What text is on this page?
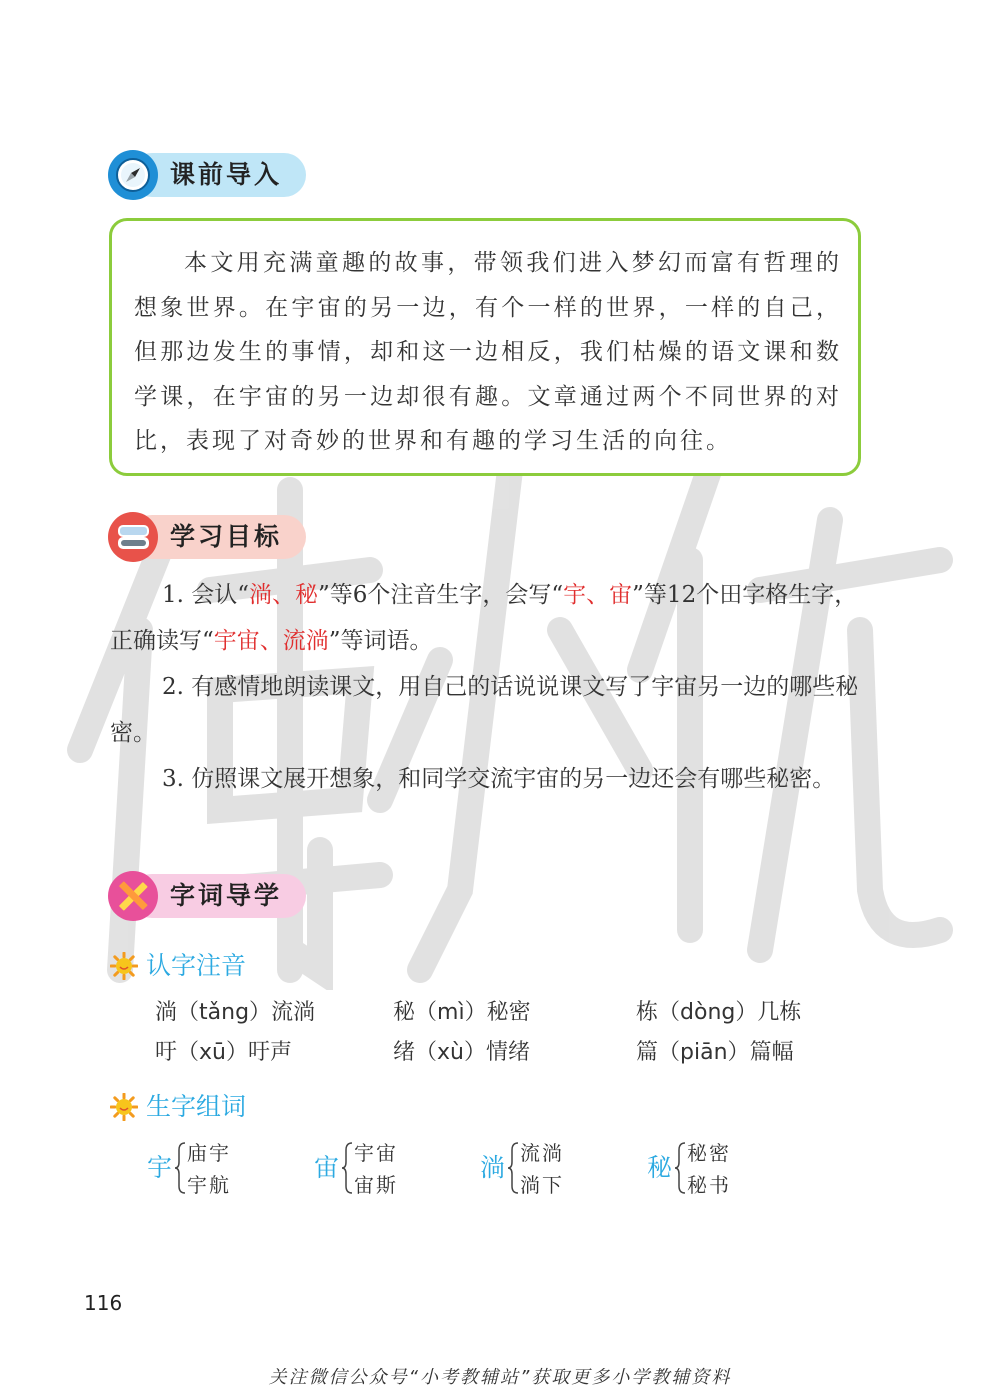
课前导入
本文用充满童趣的故事，带领我们进入梦幻而富有哲理的想象世界。在宇宙的另一边，有个一样的世界，一样的自己，但那边发生的事情，却和这一边相反，我们枯燥的语文课和数学课，在宇宙的另一边却很有趣。文章通过两个不同世界的对比，表现了对奇妙的世界和有趣的学习生活的向往。
学习目标

1. 会认“淌、秘”等6个注音生字，会写“宇、宙”等12个田字格生字，正确读写“宇宙、流淌”等词语。

2. 有感情地朗读课文，用自己的话说说课文写了宇宙另一边的哪些秘密。

3. 仿照课文展开想象，和同学交流宇宙的另一边还会有哪些秘密。

字词导学
认字注音
淌（tǎng）流淌	秘（mì）秘密	栋（dòng）几栋
吁（xū）吁声	绪（xù）情绪	篇（piān）篇幅
生字组词
宇 庙宇
宇航
宙 宇宙
宙斯
淌 流淌
淌下
秘 秘密
秘书
116
关注微信公众号“小考教辅站”获取更多小学教辅资料
